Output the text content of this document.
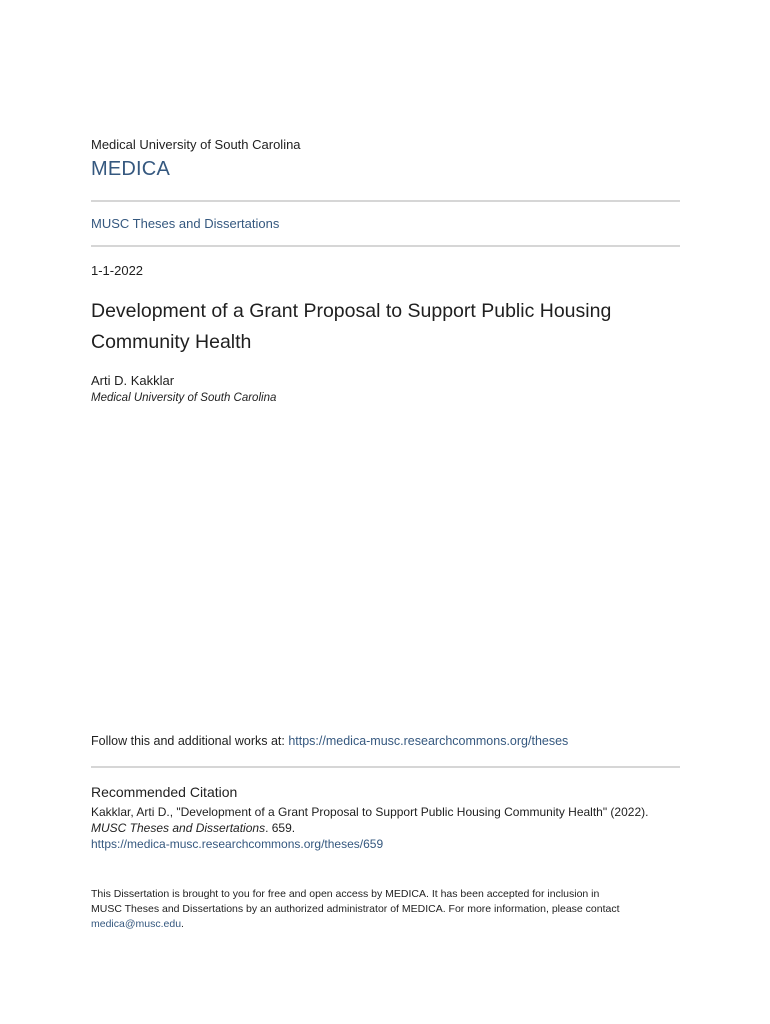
Medical University of South Carolina
MEDICA
MUSC Theses and Dissertations
1-1-2022
Development of a Grant Proposal to Support Public Housing Community Health
Arti D. Kakklar
Medical University of South Carolina
Follow this and additional works at: https://medica-musc.researchcommons.org/theses
Recommended Citation
Kakklar, Arti D., "Development of a Grant Proposal to Support Public Housing Community Health" (2022).
MUSC Theses and Dissertations. 659.
https://medica-musc.researchcommons.org/theses/659
This Dissertation is brought to you for free and open access by MEDICA. It has been accepted for inclusion in
MUSC Theses and Dissertations by an authorized administrator of MEDICA. For more information, please contact
medica@musc.edu.
